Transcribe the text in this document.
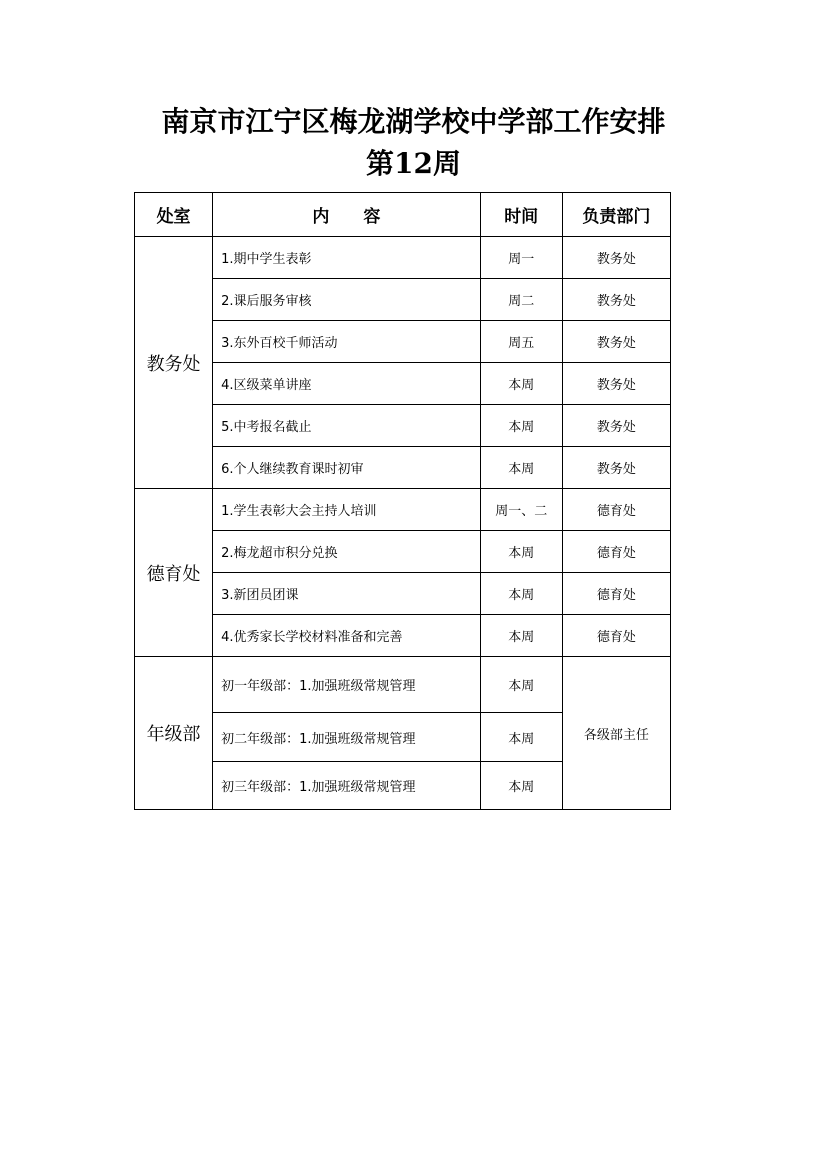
南京市江宁区梅龙湖学校中学部工作安排
第12周
处室	内　　容	时间	负责部门
教务处	1.期中学生表彰	周一	教务处
	2.课后服务审核	周二	教务处
	3.东外百校千师活动	周五	教务处
	4.区级菜单讲座	本周	教务处
	5.中考报名截止	本周	教务处
	6.个人继续教育课时初审	本周	教务处
德育处	1.学生表彰大会主持人培训	周一、二	德育处
	2.梅龙超市积分兑换	本周	德育处
	3.新团员团课	本周	德育处
	4.优秀家长学校材料准备和完善	本周	德育处
年级部	初一年级部：1.加强班级常规管理	本周	各级部主任
	初二年级部：1.加强班级常规管理	本周	
	初三年级部：1.加强班级常规管理	本周	
